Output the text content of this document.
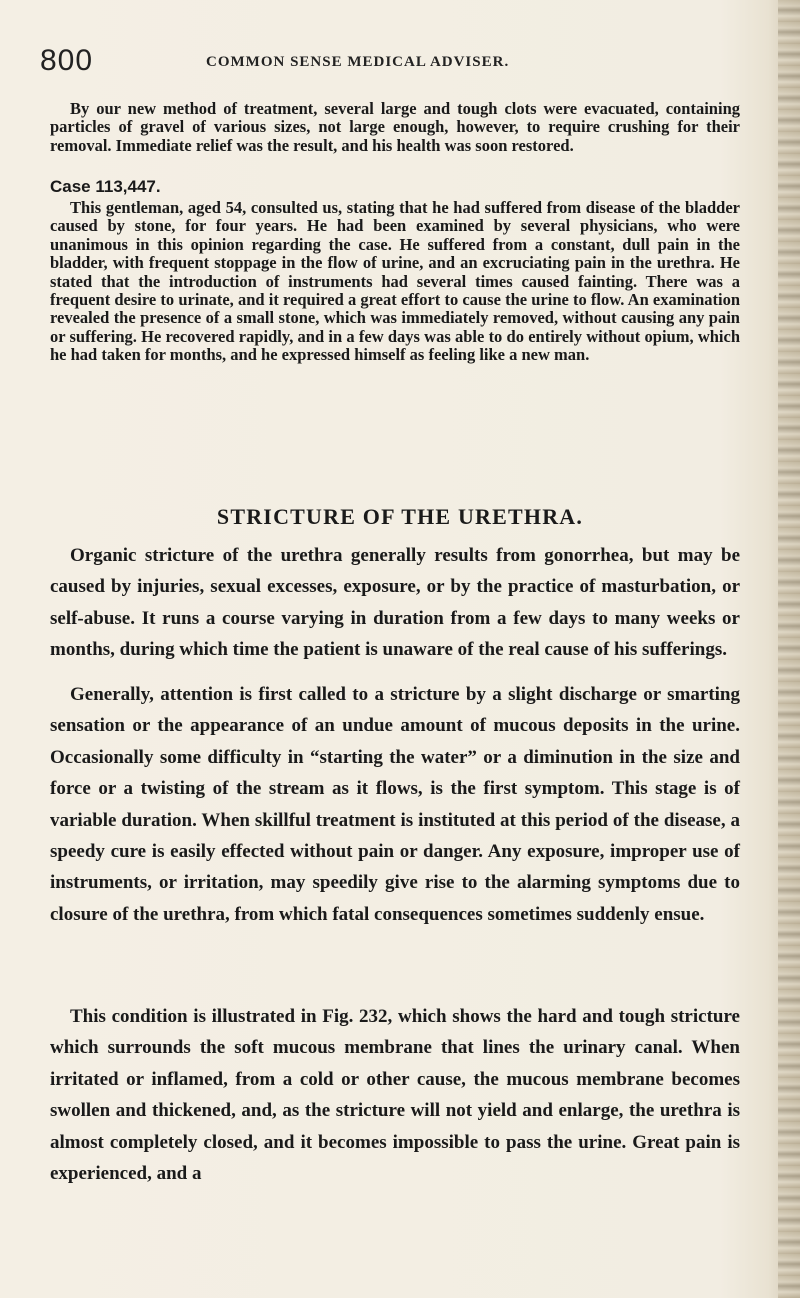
800	COMMON SENSE MEDICAL ADVISER.

By our new method of treatment, several large and tough clots were evacuated, containing particles of gravel of various sizes, not large enough, however, to require crushing for their removal. Immediate relief was the result, and his health was soon restored.

Case 113,447.

This gentleman, aged 54, consulted us, stating that he had suffered from disease of the bladder caused by stone, for four years. He had been examined by several physicians, who were unanimous in this opinion regarding the case. He suffered from a constant, dull pain in the bladder, with frequent stoppage in the flow of urine, and an excruciating pain in the urethra. He stated that the introduction of instruments had several times caused fainting. There was a frequent desire to urinate, and it required a great effort to cause the urine to flow. An examination revealed the presence of a small stone, which was immediately removed, without causing any pain or suffering. He recovered rapidly, and in a few days was able to do entirely without opium, which he had taken for months, and he expressed himself as feeling like a new man.

STRICTURE OF THE URETHRA.

Organic stricture of the urethra generally results from gonorrhea, but may be caused by injuries, sexual excesses, exposure, or by the practice of masturbation, or self-abuse. It runs a course varying in duration from a few days to many weeks or months, during which time the patient is unaware of the real cause of his sufferings.

Generally, attention is first called to a stricture by a slight discharge or smarting sensation or the appearance of an undue amount of mucous deposits in the urine. Occasionally some difficulty in “starting the water” or a diminution in the size and force or a twisting of the stream as it flows, is the first symptom. This stage is of variable duration. When skillful treatment is instituted at this period of the disease, a speedy cure is easily effected without pain or danger. Any exposure, improper use of instruments, or irritation, may speedily give rise to the alarming symptoms due to closure of the urethra, from which fatal consequences sometimes suddenly ensue.

This condition is illustrated in Fig. 232, which shows the hard and tough stricture which surrounds the soft mucous membrane that lines the urinary canal. When irritated or inflamed, from a cold or other cause, the mucous membrane becomes swollen and thickened, and, as the stricture will not yield and enlarge, the urethra is almost completely closed, and it becomes impossible to pass the urine. Great pain is experienced, and a
